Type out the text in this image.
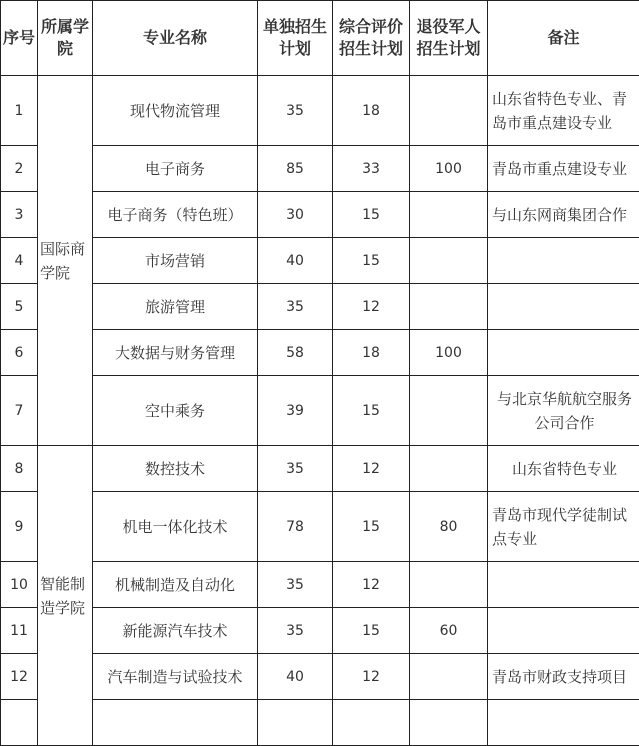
序号	所属学院	专业名称	单独招生计划	综合评价招生计划	退役军人招生计划	备注
1	国际商学院	现代物流管理	35	18		山东省特色专业、青岛市重点建设专业
2		电子商务	85	33	100	青岛市重点建设专业
3		电子商务（特色班）	30	15		与山东网商集团合作
4		市场营销	40	15		
5		旅游管理	35	12		
6		大数据与财务管理	58	18	100	
7		空中乘务	39	15		与北京华航航空服务公司合作
8	智能制造学院	数控技术	35	12		山东省特色专业
9		机电一体化技术	78	15	80	青岛市现代学徒制试点专业
10		机械制造及自动化	35	12		
11		新能源汽车技术	35	15	60	
12		汽车制造与试验技术	40	12		青岛市财政支持项目
